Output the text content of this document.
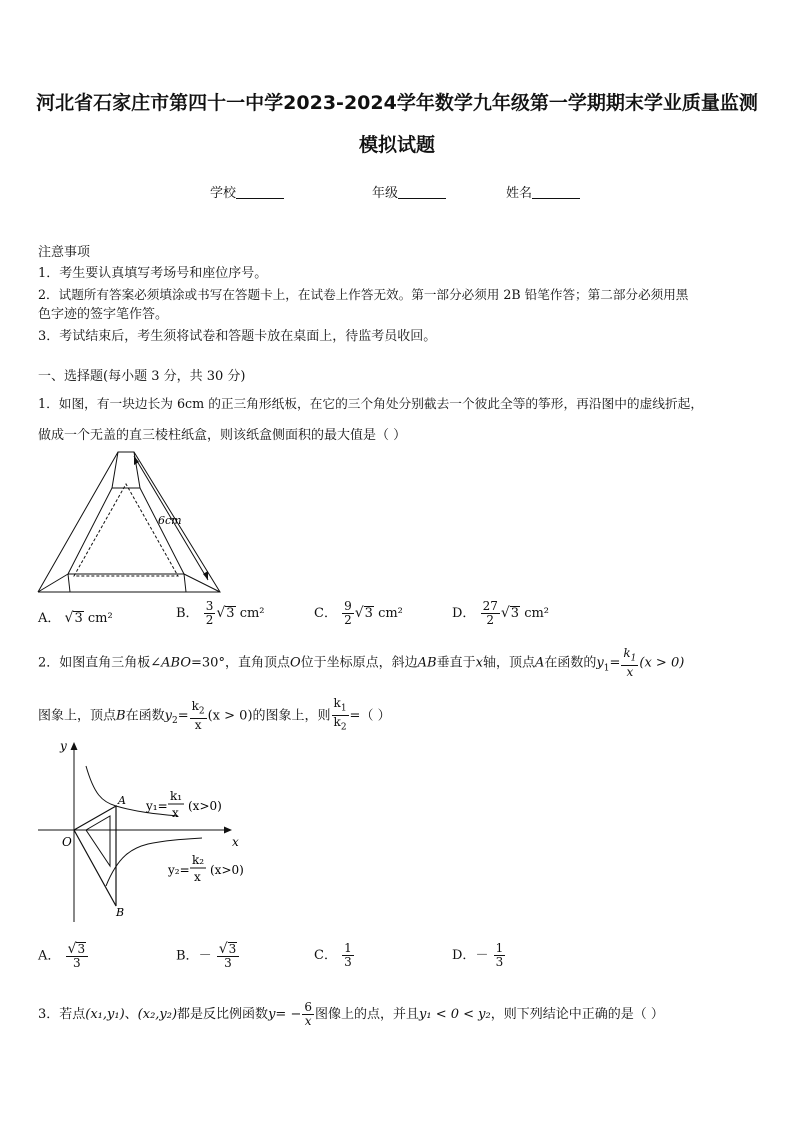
河北省石家庄市第四十一中学2023-2024学年数学九年级第一学期期末学业质量监测
模拟试题
学校	年级	姓名
注意事项
1．考生要认真填写考场号和座位序号。
2．试题所有答案必须填涂或书写在答题卡上，在试卷上作答无效。第一部分必须用 2B 铅笔作答；第二部分必须用黑
色字迹的签字笔作答。
3．考试结束后，考生须将试卷和答题卡放在桌面上，待监考员收回。
一、选择题(每小题 3 分，共 30 分)
1．如图，有一块边长为 6cm 的正三角形纸板，在它的三个角处分别截去一个彼此全等的筝形，再沿图中的虚线折起，
做成一个无盖的直三棱柱纸盒，则该纸盒侧面积的最大值是（ ）
6cm
A． √3 cm²	B． $\frac{3}{2} √3$ cm²	C． $\frac{9}{2} √3$ cm²	D． $\frac{27}{2} √3$ cm²
2．如图直角三角板∠ABO=30°，直角顶点O位于坐标原点，斜边AB垂直于x轴，顶点A在函数的$y_1= \frac{k_1}{x} (x > 0)$
图象上，顶点B在函数$y_2= \frac{k_2}{x} (x > 0)$的图象上，则 $\frac{k_1}{k_2}$ =（ ）
x
y
O
A
B
y₁=
k₁
x (x>0)
y₂=
k₂
x (x>0)
A． $\frac{√3}{3}$	B．－ $\frac{√3}{3}$	C． $\frac{1}{3}$	D．－ $\frac{1}{3}$
3．若点(x₁,y₁)、(x₂,y₂)都是反比例函数$y= - \frac{6}{x}$ 图像上的点，并且y₁ < 0 < y₂，则下列结论中正确的是（ ）
